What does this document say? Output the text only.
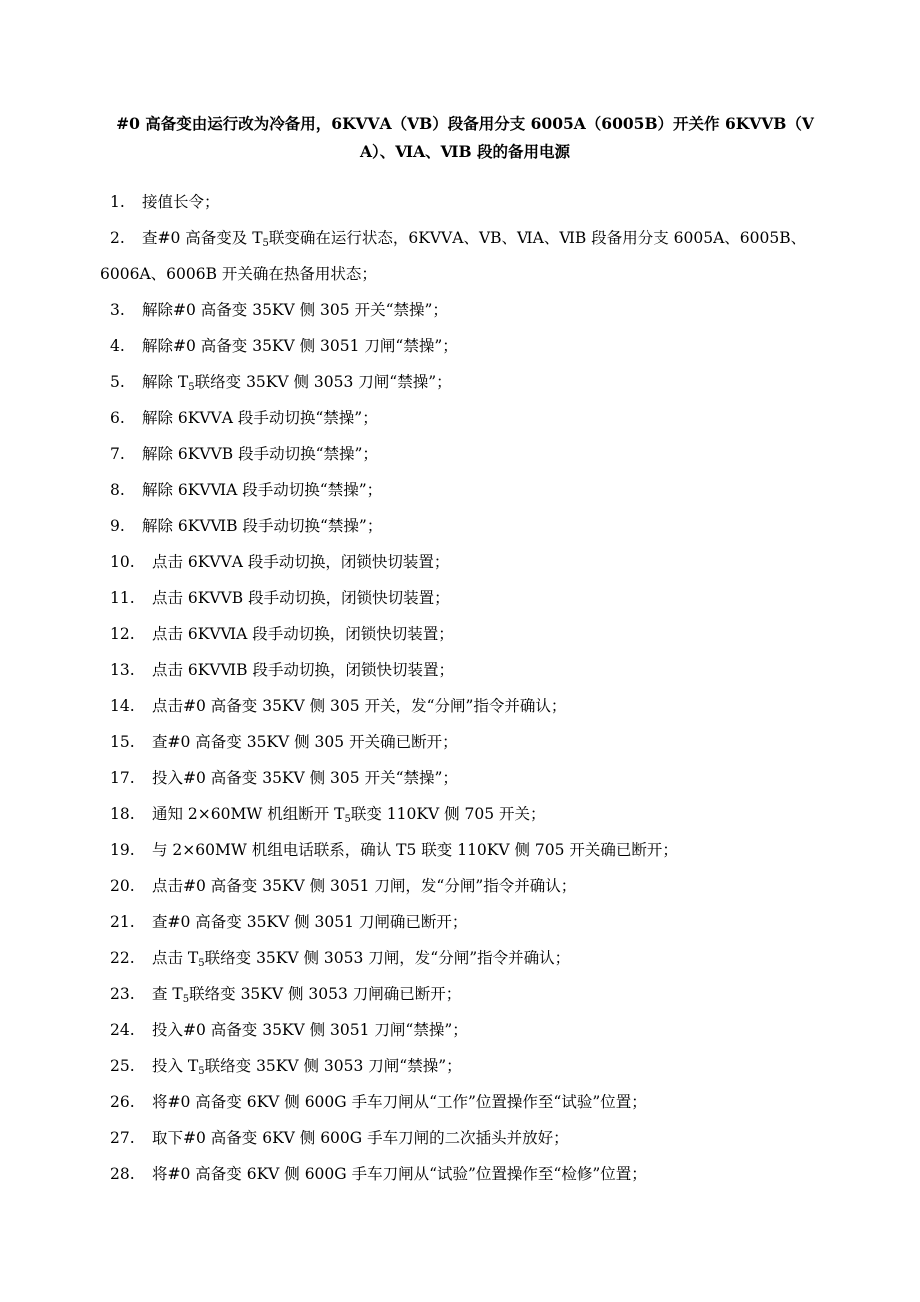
#0 高备变由运行改为冷备用，6KVⅤA（ⅤB）段备用分支 6005A（6005B）开关作 6KVⅤB（Ⅴ
A）、ⅥA、ⅥB 段的备用电源
1. 接值长令；
2. 查#0 高备变及 $T_5$联变确在运行状态，6KVⅤA、ⅤB、ⅥA、ⅥB 段备用分支 6005A、6005B、
6006A、6006B 开关确在热备用状态；
3. 解除#0 高备变 35KV 侧 305 开关“禁操”；
4. 解除#0 高备变 35KV 侧 3051 刀闸“禁操”；
5. 解除 $T_5$联络变 35KV 侧 3053 刀闸“禁操”；
6. 解除 6KVⅤA 段手动切换“禁操”；
7. 解除 6KVⅤB 段手动切换“禁操”；
8. 解除 6KVⅥA 段手动切换“禁操”；
9. 解除 6KVⅥB 段手动切换“禁操”；
10. 点击 6KVⅤA 段手动切换，闭锁快切装置；
11. 点击 6KVⅤB 段手动切换，闭锁快切装置；
12. 点击 6KVⅥA 段手动切换，闭锁快切装置；
13. 点击 6KVⅥB 段手动切换，闭锁快切装置；
14. 点击#0 高备变 35KV 侧 305 开关，发“分闸”指令并确认；
15. 查#0 高备变 35KV 侧 305 开关确已断开；
17. 投入#0 高备变 35KV 侧 305 开关“禁操”；
18. 通知 2×60MW 机组断开 $T_5$联变 110KV 侧 705 开关；
19. 与 2×60MW 机组电话联系，确认 T5 联变 110KV 侧 705 开关确已断开；
20. 点击#0 高备变 35KV 侧 3051 刀闸，发“分闸”指令并确认；
21. 查#0 高备变 35KV 侧 3051 刀闸确已断开；
22. 点击 $T_5$联络变 35KV 侧 3053 刀闸，发“分闸”指令并确认；
23. 查 $T_5$联络变 35KV 侧 3053 刀闸确已断开；
24. 投入#0 高备变 35KV 侧 3051 刀闸“禁操”；
25. 投入 $T_5$联络变 35KV 侧 3053 刀闸“禁操”；
26. 将#0 高备变 6KV 侧 600G 手车刀闸从“工作”位置操作至“试验”位置；
27. 取下#0 高备变 6KV 侧 600G 手车刀闸的二次插头并放好；
28. 将#0 高备变 6KV 侧 600G 手车刀闸从“试验”位置操作至“检修”位置；
